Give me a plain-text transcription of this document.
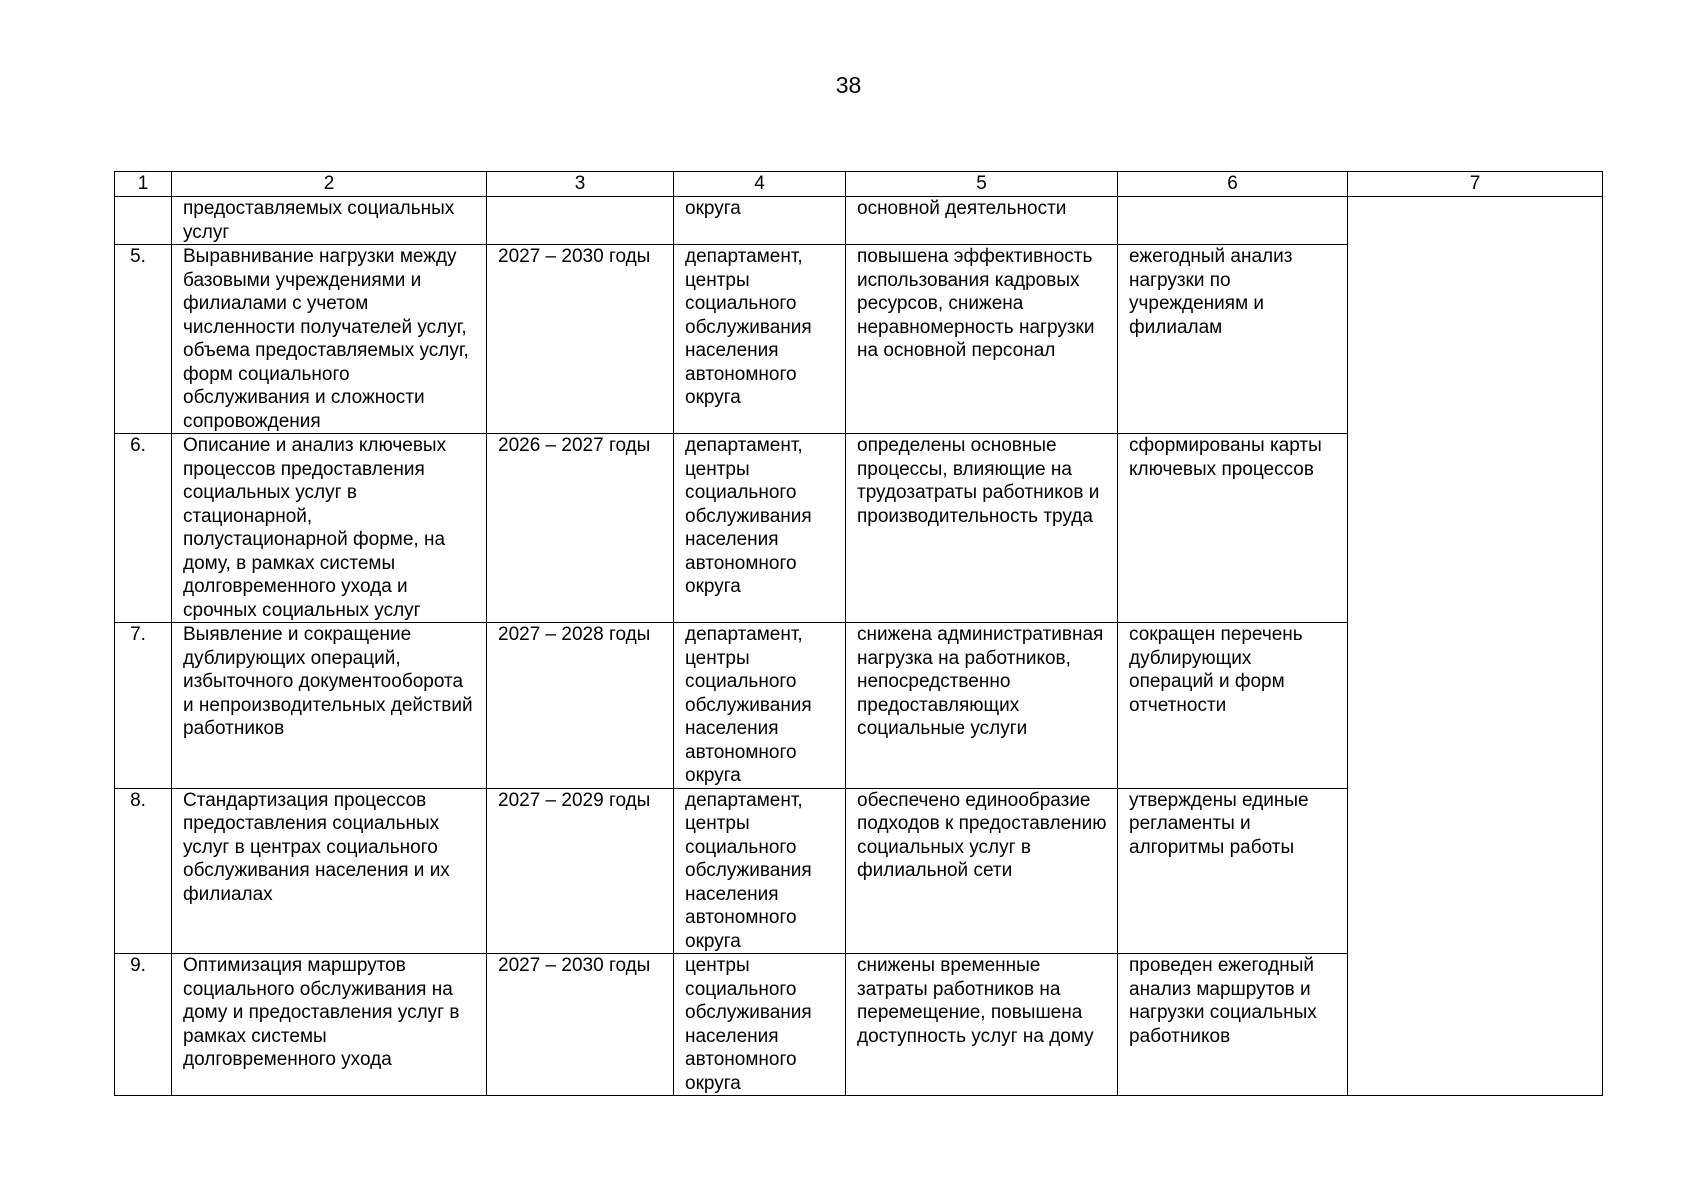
38
1	2	3	4	5	6	7
	предоставляемых социальных услуг		округа	основной деятельности		
5.	Выравнивание нагрузки между базовыми учреждениями и филиалами с учетом численности получателей услуг, объема предоставляемых услуг, форм социального обслуживания и сложности сопровождения	2027 – 2030 годы	департамент, центры социального обслуживания населения автономного округа	повышена эффективность использования кадровых ресурсов, снижена неравномерность нагрузки на основной персонал	ежегодный анализ нагрузки по учреждениям и филиалам	
6.	Описание и анализ ключевых процессов предоставления социальных услуг в стационарной, полустационарной форме, на дому, в рамках системы долговременного ухода и срочных социальных услуг	2026 – 2027 годы	департамент, центры социального обслуживания населения автономного округа	определены основные процессы, влияющие на трудозатраты работников и производительность труда	сформированы карты ключевых процессов	
7.	Выявление и сокращение дублирующих операций, избыточного документооборота и непроизводительных действий работников	2027 – 2028 годы	департамент, центры социального обслуживания населения автономного округа	снижена административная нагрузка на работников, непосредственно предоставляющих социальные услуги	сокращен перечень дублирующих операций и форм отчетности	
8.	Стандартизация процессов предоставления социальных услуг в центрах социального обслуживания населения и их филиалах	2027 – 2029 годы	департамент, центры социального обслуживания населения автономного округа	обеспечено единообразие подходов к предоставлению социальных услуг в филиальной сети	утверждены единые регламенты и алгоритмы работы	
9.	Оптимизация маршрутов социального обслуживания на дому и предоставления услуг в рамках системы долговременного ухода	2027 – 2030 годы	центры социального обслуживания населения автономного округа	снижены временные затраты работников на перемещение, повышена доступность услуг на дому	проведен ежегодный анализ маршрутов и нагрузки социальных работников	
